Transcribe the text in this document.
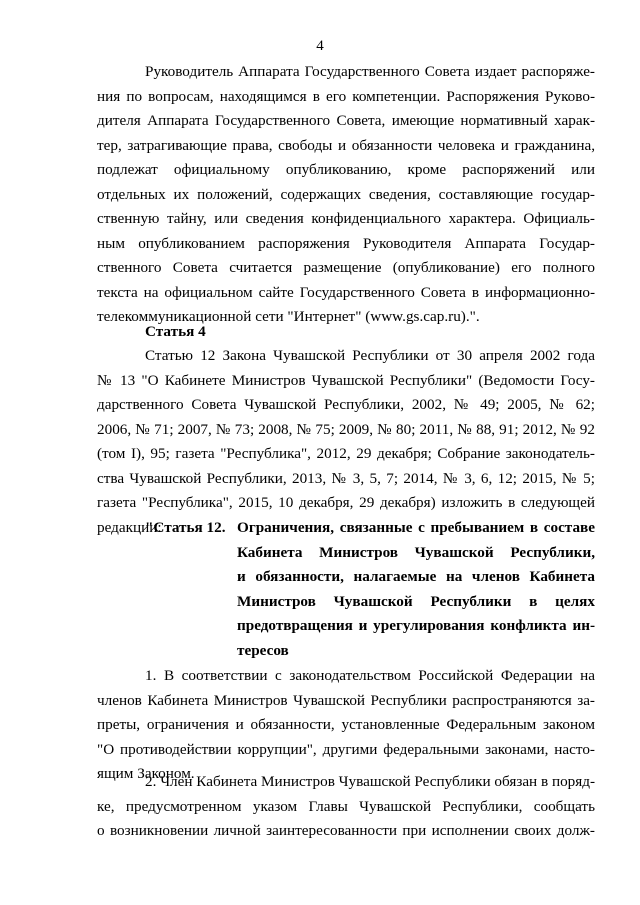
4
Руководитель Аппарата Государственного Совета издает распоряже-
ния по вопросам, находящимся в его компетенции. Распоряжения Руково-
дителя Аппарата Государственного Совета, имеющие нормативный харак-
тер, затрагивающие права, свободы и обязанности человека и гражданина,
подлежат официальному опубликованию, кроме распоряжений или
отдельных их положений, содержащих сведения, составляющие государ-
ственную тайну, или сведения конфиденциального характера. Официаль-
ным опубликованием распоряжения Руководителя Аппарата Государ-
ственного Совета считается размещение (опубликование) его полного
текста на официальном сайте Государственного Совета в информационно-
телекоммуникационной сети "Интернет" (www.gs.cap.ru).".
Статья 4
Статью 12 Закона Чувашской Республики от 30 апреля 2002 года
№ 13 "О Кабинете Министров Чувашской Республики" (Ведомости Госу-
дарственного Совета Чувашской Республики, 2002, № 49; 2005, № 62;
2006, № 71; 2007, № 73; 2008, № 75; 2009, № 80; 2011, № 88, 91; 2012, № 92
(том I), 95; газета "Республика", 2012, 29 декабря; Собрание законодатель-
ства Чувашской Республики, 2013, № 3, 5, 7; 2014, № 3, 6, 12; 2015, № 5;
газета "Республика", 2015, 10 декабря, 29 декабря) изложить в следующей
редакции:
"Статья 12. Ограничения, связанные с пребыванием в составе
Кабинета Министров Чувашской Республики,
и обязанности, налагаемые на членов Кабинета
Министров Чувашской Республики в целях
предотвращения и урегулирования конфликта ин-
тересов
1. В соответствии с законодательством Российской Федерации на
членов Кабинета Министров Чувашской Республики распространяются за-
преты, ограничения и обязанности, установленные Федеральным законом
"О противодействии коррупции", другими федеральными законами, насто-
ящим Законом.
2. Член Кабинета Министров Чувашской Республики обязан в поряд-
ке, предусмотренном указом Главы Чувашской Республики, сообщать
о возникновении личной заинтересованности при исполнении своих долж-
